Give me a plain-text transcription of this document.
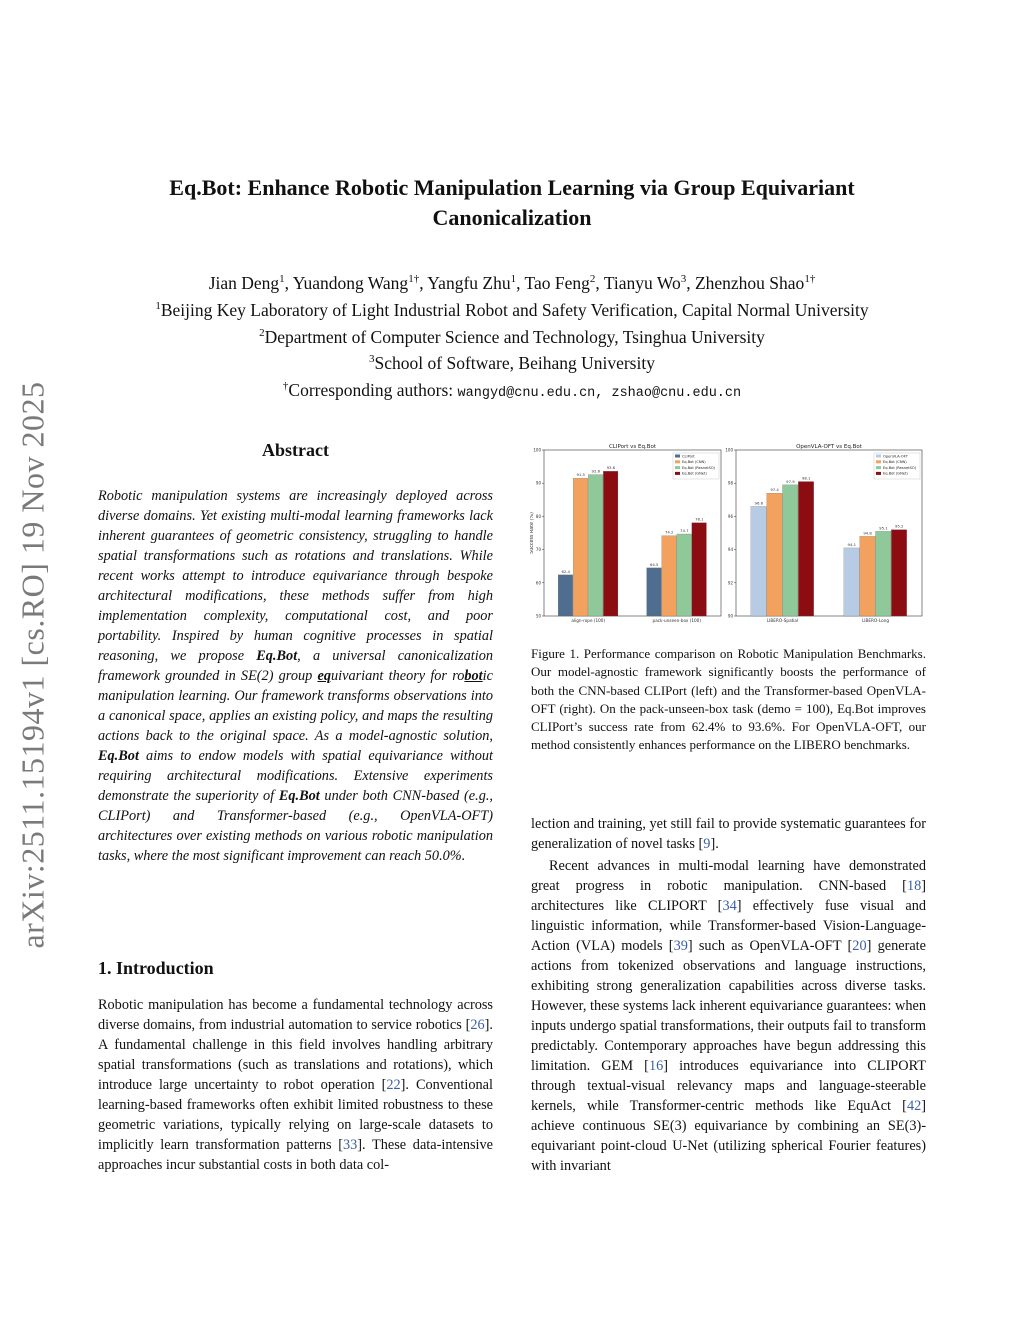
arXiv:2511.15194v1 [cs.RO] 19 Nov 2025
Eq.Bot: Enhance Robotic Manipulation Learning via Group Equivariant
Canonicalization
Jian Deng$^1$, Yuandong Wang$^{1\dagger}$, Yangfu Zhu$^1$, Tao Feng$^2$, Tianyu Wo$^3$, Zhenzhou Shao$^{1\dagger}$
$^1$Beijing Key Laboratory of Light Industrial Robot and Safety Verification, Capital Normal University
$^2$Department of Computer Science and Technology, Tsinghua University
$^3$School of Software, Beihang University
†Corresponding authors: wangyd@cnu.edu.cn, zshao@cnu.edu.cn
Abstract
Robotic manipulation systems are increasingly deployed across diverse domains. Yet existing multi-modal learning frameworks lack inherent guarantees of geometric consistency, struggling to handle spatial transformations such as rotations and translations. While recent works attempt to introduce equivariance through bespoke architectural modifications, these methods suffer from high implementation complexity, computational cost, and poor portability. Inspired by human cognitive processes in spatial reasoning, we propose Eq.Bot, a universal canonicalization framework grounded in SE(2) group equivariant theory for robotic manipulation learning. Our framework transforms observations into a canonical space, applies an existing policy, and maps the resulting actions back to the original space. As a model-agnostic solution, Eq.Bot aims to endow models with spatial equivariance without requiring architectural modifications. Extensive experiments demonstrate the superiority of Eq.Bot under both CNN-based (e.g., CLIPort) and Transformer-based (e.g., OpenVLA-OFT) architectures over existing methods on various robotic manipulation tasks, where the most significant improvement can reach 50.0%.
1. Introduction
Robotic manipulation has become a fundamental technology across diverse domains, from industrial automation to service robotics [26]. A fundamental challenge in this field involves handling arbitrary spatial transformations (such as translations and rotations), which introduce large uncertainty to robot operation [22]. Conventional learning-based frameworks often exhibit limited robustness to these geometric variations, typically relying on large-scale datasets to implicitly learn transformation patterns [33]. These data-intensive approaches incur substantial costs in both data col-
CLIPort vs Eq.Bot
50
60
70
80
90
100
Success Rate (%)
align-rope (100)
62.4
91.5
92.6
93.6
pack-unseen-box (100)
64.5
74.2 74.7
78.1
CLIPort
Eq.Bot (CNN)
Eq.Bot (ResnetSO)
Eq.Bot (GNet)
OpenVLA-OFT vs Eq.Bot
90
92
94
96
98
100
LIBERO-Spatial
96.6
97.4
97.9
98.1
LIBERO-Long
94.1
94.8
95.1 95.2
OpenVLA-OFT
Eq.Bot (CNN)
Eq.Bot (ResnetSO)
Eq.Bot (GNet)
Figure 1. Performance comparison on Robotic Manipulation Benchmarks. Our model-agnostic framework significantly boosts the performance of both the CNN-based CLIPort (left) and the Transformer-based OpenVLA-OFT (right). On the pack-unseen-box task (demo = 100), Eq.Bot improves CLIPort’s success rate from 62.4% to 93.6%. For OpenVLA-OFT, our method consistently enhances performance on the LIBERO benchmarks.
lection and training, yet still fail to provide systematic guarantees for generalization of novel tasks [9].
Recent advances in multi-modal learning have demonstrated great progress in robotic manipulation. CNN-based [18] architectures like CLIPORT [34] effectively fuse visual and linguistic information, while Transformer-based Vision-Language-Action (VLA) models [39] such as OpenVLA-OFT [20] generate actions from tokenized observations and language instructions, exhibiting strong generalization capabilities across diverse tasks. However, these systems lack inherent equivariance guarantees: when inputs undergo spatial transformations, their outputs fail to transform predictably. Contemporary approaches have begun addressing this limitation. GEM [16] introduces equivariance into CLIPORT through textual-visual relevancy maps and language-steerable kernels, while Transformer-centric methods like EquAct [42] achieve continuous SE(3) equivariance by combining an SE(3)-equivariant point-cloud U-Net (utilizing spherical Fourier features) with invariant
